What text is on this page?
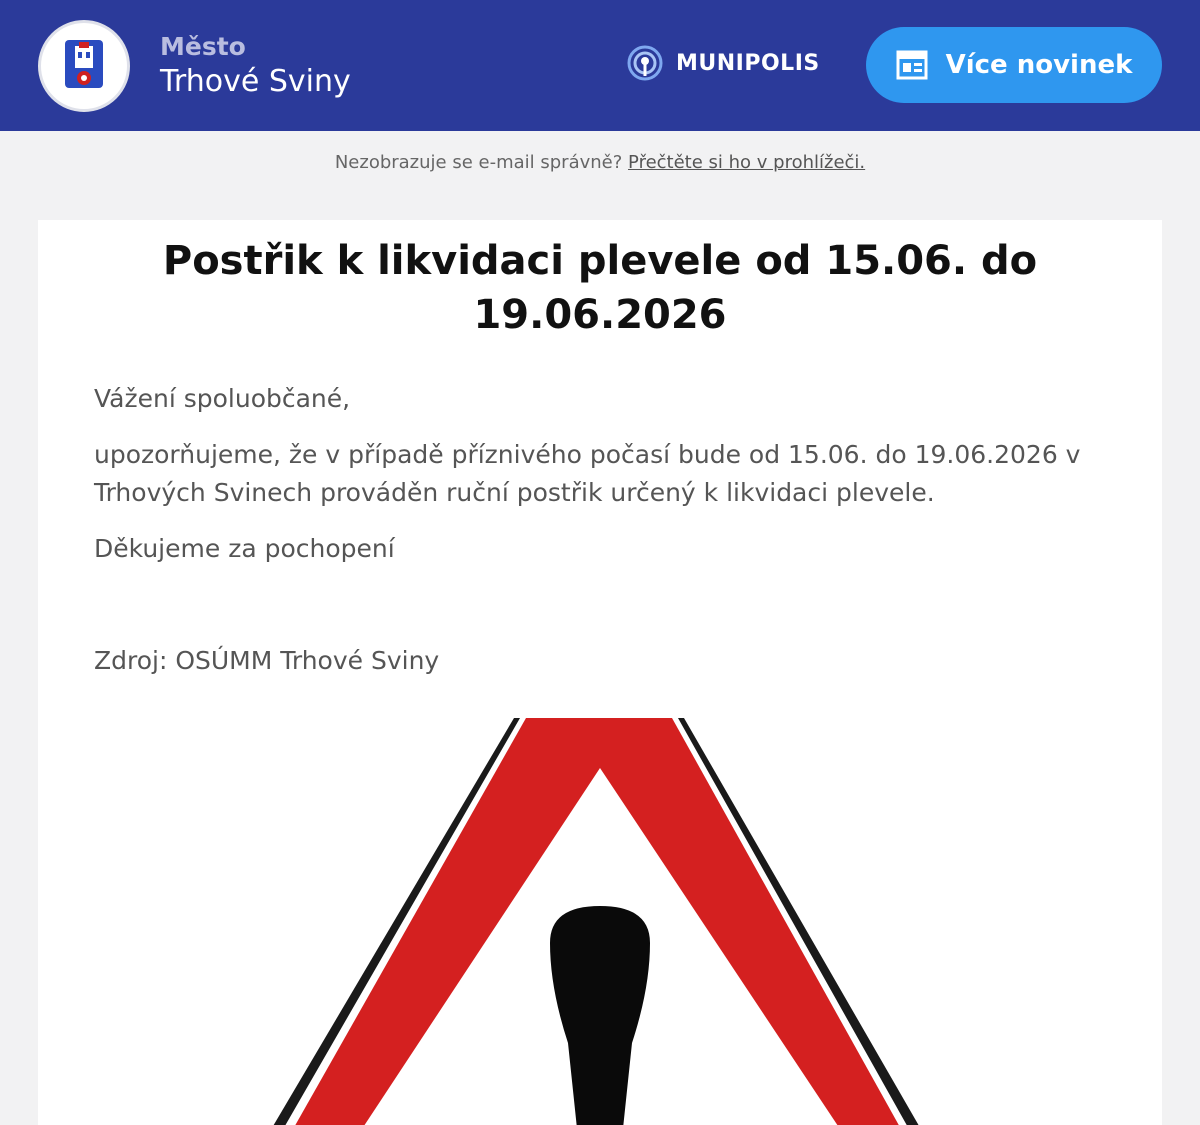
Město
Trhové Sviny
MUNIPOLIS	Více novinek
Nezobrazuje se e-mail správně? Přečtěte si ho v prohlížeči.
Postřik k likvidaci plevele od 15.06. do 19.06.2026
Vážení spoluobčané,
upozorňujeme, že v případě příznivého počasí bude od 15.06. do 19.06.2026 v Trhových Svinech prováděn ruční postřik určený k likvidaci plevele.
Děkujeme za pochopení
Zdroj: OSÚMM Trhové Sviny
